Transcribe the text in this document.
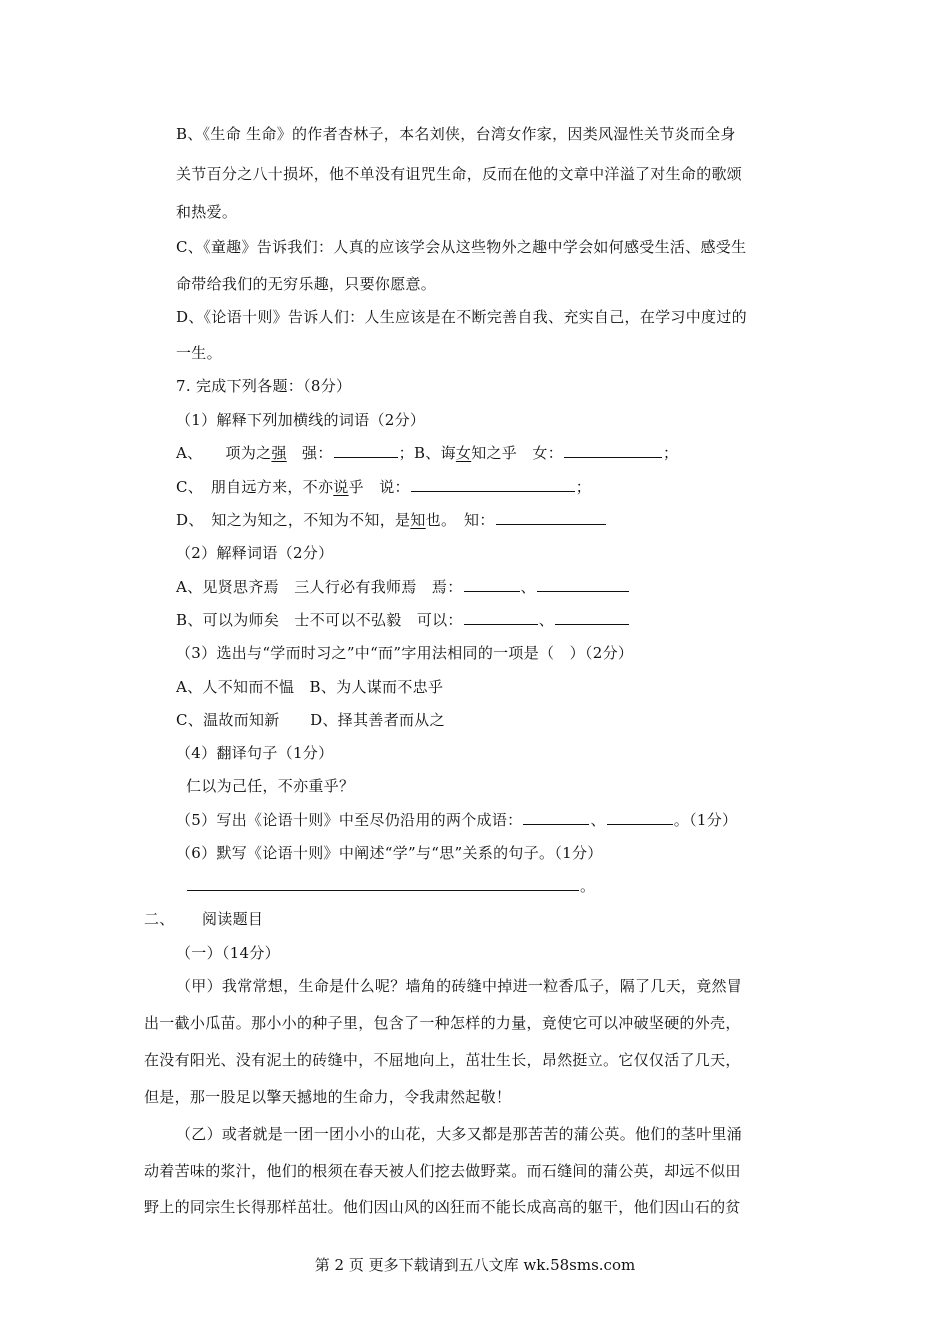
B、《生命 生命》的作者杏林子，本名刘侠，台湾女作家，因类风湿性关节炎而全身
关节百分之八十损坏，他不单没有诅咒生命，反而在他的文章中洋溢了对生命的歌颂
和热爱。
C、《童趣》告诉我们：人真的应该学会从这些物外之趣中学会如何感受生活、感受生
命带给我们的无穷乐趣，只要你愿意。
D、《论语十则》告诉人们：人生应该是在不断完善自我、充实自己，在学习中度过的
一生。
7. 完成下列各题：（8分）
（1）解释下列加横线的词语（2分）
A、　　项为之强　强：	；B、诲女知之乎　女：	；
C、　朋自远方来，不亦说乎　说：	；
D、　知之为知之，不知为不知，是知也。　知：
（2）解释词语（2分）
A、见贤思齐焉　三人行必有我师焉　焉：	、
B、可以为师矣　士不可以不弘毅　可以：	、
（3）选出与“学而时习之”中“而”字用法相同的一项是（　）（2分）
A、人不知而不愠　B、为人谋而不忠乎
C、温故而知新　　D、择其善者而从之
（4）翻译句子（1分）
仁以为己任，不亦重乎？
（5）写出《论语十则》中至尽仍沿用的两个成语：	、	。（1分）
（6）默写《论语十则》中阐述“学”与“思”关系的句子。（1分）
。
二、 阅读题目
（一）（14分）
（甲）我常常想，生命是什么呢？墙角的砖缝中掉进一粒香瓜子，隔了几天，竟然冒
出一截小瓜苗。那小小的种子里，包含了一种怎样的力量，竟使它可以冲破坚硬的外壳，
在没有阳光、没有泥土的砖缝中，不屈地向上，茁壮生长，昂然挺立。它仅仅活了几天，
但是，那一股足以擎天撼地的生命力，令我肃然起敬！
（乙）或者就是一团一团小小的山花，大多又都是那苦苦的蒲公英。他们的茎叶里涌
动着苦味的浆汁，他们的根须在春天被人们挖去做野菜。而石缝间的蒲公英，却远不似田
野上的同宗生长得那样茁壮。他们因山风的凶狂而不能长成高高的躯干，他们因山石的贫
第 2 页 更多下载请到五八文库 wk.58sms.com
